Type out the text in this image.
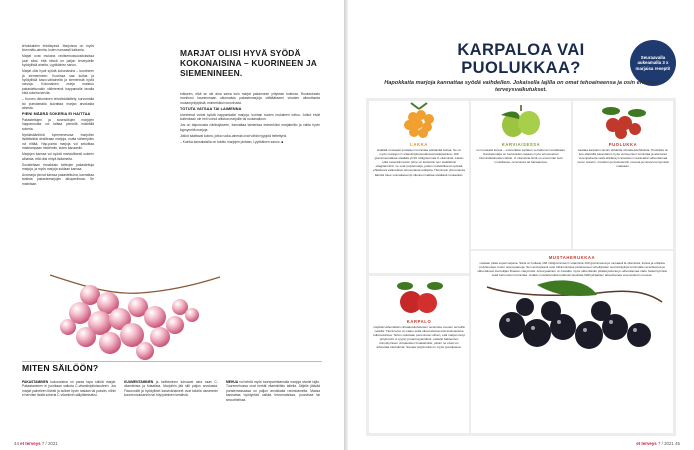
tehokkaiden ehkäisyssä. Marjoissa on myös kivennäis-aineita, kuten runsaasti kaliumia.

Marjat ovat mukana ravitsemussuosituksissa juuri siksi, että niissä on paljon terveydelle hyödyllisiä aineita, Lyytikäinen sanoo.

Marjat olisi hyvä syödä kokonaisina – kuorineen ja siemenineen. Kuorissa saa kuitua ja hyödyllisiä kasvi-väriaineita ja siemenistä hyviä rasvoja. Kokonainen marja maistuu pakastettunakin välimerenä happamalla tavalla eikä sokeria tarvita.

– Kuoren rikkominen teholliokäsittely, survomalla tai puristamalla kuivattaa marjan arvokasta ainesta.

PIENI MÄÄRÄ SOKERIA EI HAITTAA

Pakastettujen ja sosesoitujen marjojen happamuutta voi taittaa pienellä määrällä sokeria.

Nyrkkisääntönä kymmenesosa marjoihin lisättäväksi desilitraan marjoja, mutta vähempikin voi riittää. Hap-panta marjoja voi sekoittaa makeampaan hedelmiin, kuten banaaniin.

Marjojen kanssa voi syödä mahdollisesti sokerin alhaista, että olisi ehtyä lisäaineita.

Suositellaan rinnakkain keittojen pakastettuja marjoja, ja myös marjoja suklaan kanssa.

Avomarja pinnat kanssa pakastettuina, kannattaa tarkista pakastemarjojen alkuperämaa. Se mainitaan

MARJAT OLISI HYVÄ SYÖDÄ KOKONAISINA – KUORINEEN JA SIEMENINEEN.

erikseen, eikä se ole aina sama kuin marjat pakanneen yrityksen kotimaa. Ruokavirasto monitoroi kaunenmaan ulkomaisia pakastemarjoja välttääkseen virusten aiheuttamia ruokamyrkytyksiä, esimerkiksi norovirusta.

TOTUTA VATSAA TAI LAIMENNA

Useimmat voivat syödä happamiakin marjoja, kunhan suolen mukainen tottuu. Jotkut eivät kuitenkaan ole heti voinut altistua marjoille tai ruokavalioon.

Jos on taipumusta närästykseen, kannattaa laimentaa esimerkiksi marjakeitto ja valita hyvin kypsyneitä marjoja.

Jotkut saattavat kokea, jotka ruoka-ainesta ovat vähän tyyppiä heitettynä.

– Kuinka kansalaisilla on totuttu marjojen pintaan, Lyytikäinen sanoo. ■

MITEN SÄILÖÖN?

PAKASTAMINEN kokonaisina on paras tapa säilöä marjat. Pakastaminen ei juurikaan vaikuta C-vitamiinipitoisuuteen. Jos marjat paineleen tiiviisti ja sulkee hyvin rasiaan tai pussiin, niihin ei tarvitse lisätä sokeria C-vitamiinin säilyttämiseksi.

KUUMENTAMINEN ja keittäminen tuhoavat aina osan C-vitamiinista ja folaatista. Marjoihin jää silti paljon arvokasta. Flavonoidit ja hyödylliset kasviväriaineet ovat taloilla useammin kuumennuksenkin tai höyryämisen kestäviä.

MEHUA voi tehdä myös tuoreputristamalla marjoja sivulle lajiin. Tuoremehussa ovat herkät vitamiinitkin tallella. Jäljelle jäävää puristemassaasa on paljon arvokkaita ravintoaineita. Massa kannattaa hyödyntää vaikka leivonnaisissa, puuroissa tai smoothieissa.

44 et terveys 7 / 2021
KARPALOA VAI PUOLUKKAA?
Seuraavalla aukeamalla 3 x marjaisa resepti!
Hapokkaita marjoja kannattaa syödä vaihdellen. Jokaisella lajilla on omat tehoaineensa ja osin erilaiset terveysvaikutukset.
LAKKA
sisältää runsaasti suolaisen toimintaa edistävää kuitua. Se on myös marjojen C-vitamiinipitoisuudessa kärkijoukkoa: 100 grammaa lakkaa sisältää yli 60 milligrammaa C-vitamiinia. Lakan etkä melenkiinnoisin piirre on kuitenkin sen sisältämät ellagitanniinit; ne ovat polyfenoleja, joiden mahdollisesti syöpää ehkäisevä vaikutukset kiinnostavat tutkijoita. Heinimpin ylivoimassa ääristä tulee voimakasempi ulkoinen lakkaa sisältävä ruokavalio.
KARVIAISESSA
on runsaasti kuitua – esimerkiksi tuplaten verrattuna mansikkaan. Karviaismarja on herukoiden tapaan myös erinomainen kivennäisaineiden lähde. C-vitamiinia siinä on enemmän kuin mustikassa, omenassa tai banaanissa.
PUOLUKKA
saattaa karpalon tavoin ehkäistä virtsatietulehduksia. Puolukka on koe-eläimillä parantanut myös verisuonten toimintaa ja alentanut verenpainetta sekä ehkäissyt rasvaisen ruokavalion aiheuttamaa veren sokerin, insuliinin ja kolesterolin nousua ja rasvan kertymistä maksaan.
KARPALO
näyttää vähentävän virtsatietulehdusten uusimista muuten terveillä naisilla. Tämä tulos on saatu sekä ulkomaisissa että kotimaisissa tutkimuksissa. Tehon uskotaan perustuvan siihen, että marjan tietyt polyfenolit, A-tyypin proantosyanidiinit, estävät bakteerien kiinnittymisen virtsateiden limakalvoille, jolloin ne eivät voi aiheuttaa tulehdusta. Samaa polyfenolia on myös puolukassa.
MUSTAHERUKKAA
voidaan pitää supermarjana. Siinä on hulkeat 138 milligrammaa C-vitamiinia 100 grammassa ja runsaasti E-vitamiinia, kuitua ja erilaisia polyfenoleja, kuten antosyaaneja. Sen antosyaanit ovat tutkimuksissa parantaneet urheilijoiden suorituskykyä toimimalla verenkiertoa ja vähentäneet kuntoilijan lihasten väsymistä. Antosyaaniien on havaittu myös vähentävän pikätetyödenteyn aiheuttamaa näön heikentymistä sekä hermoston toimintaa. Lisäksi mustaherukka tutkitusti tasoittaa hiilihydraattien aiheuttamaa verensokerin nousua.
et terveys 7 / 2021 45
